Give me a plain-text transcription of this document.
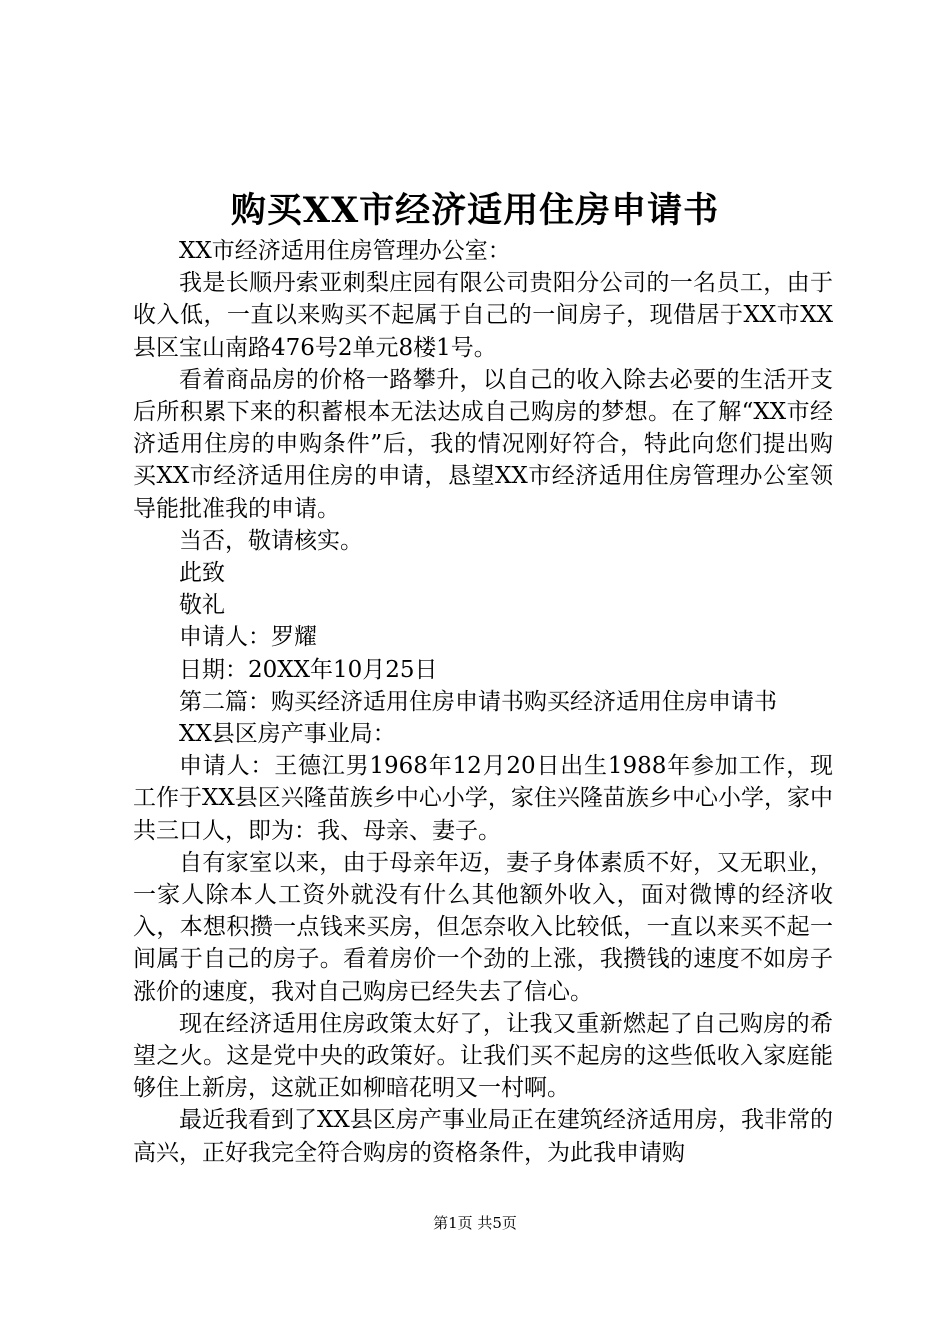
购买XX市经济适用住房申请书

XX市经济适用住房管理办公室：

我是长顺丹索亚刺梨庄园有限公司贵阳分公司的一名员工，由于收入低，一直以来购买不起属于自己的一间房子，现借居于XX市XX县区宝山南路476号2单元8楼1号。

看着商品房的价格一路攀升，以自己的收入除去必要的生活开支后所积累下来的积蓄根本无法达成自己购房的梦想。在了解“XX市经济适用住房的申购条件”后，我的情况刚好符合，特此向您们提出购买XX市经济适用住房的申请，恳望XX市经济适用住房管理办公室领导能批准我的申请。

当否，敬请核实。

此致

敬礼

申请人：罗耀

日期：20XX年10月25日

第二篇：购买经济适用住房申请书购买经济适用住房申请书

XX县区房产事业局：

申请人：王德江男1968年12月20日出生1988年参加工作，现工作于XX县区兴隆苗族乡中心小学，家住兴隆苗族乡中心小学，家中共三口人，即为：我、母亲、妻子。

自有家室以来，由于母亲年迈，妻子身体素质不好，又无职业，一家人除本人工资外就没有什么其他额外收入，面对微博的经济收入，本想积攒一点钱来买房，但怎奈收入比较低，一直以来买不起一间属于自己的房子。看着房价一个劲的上涨，我攒钱的速度不如房子涨价的速度，我对自己购房已经失去了信心。

现在经济适用住房政策太好了，让我又重新燃起了自己购房的希望之火。这是党中央的政策好。让我们买不起房的这些低收入家庭能够住上新房，这就正如柳暗花明又一村啊。

最近我看到了XX县区房产事业局正在建筑经济适用房，我非常的高兴，正好我完全符合购房的资格条件，为此我申请购

第1页 共5页
